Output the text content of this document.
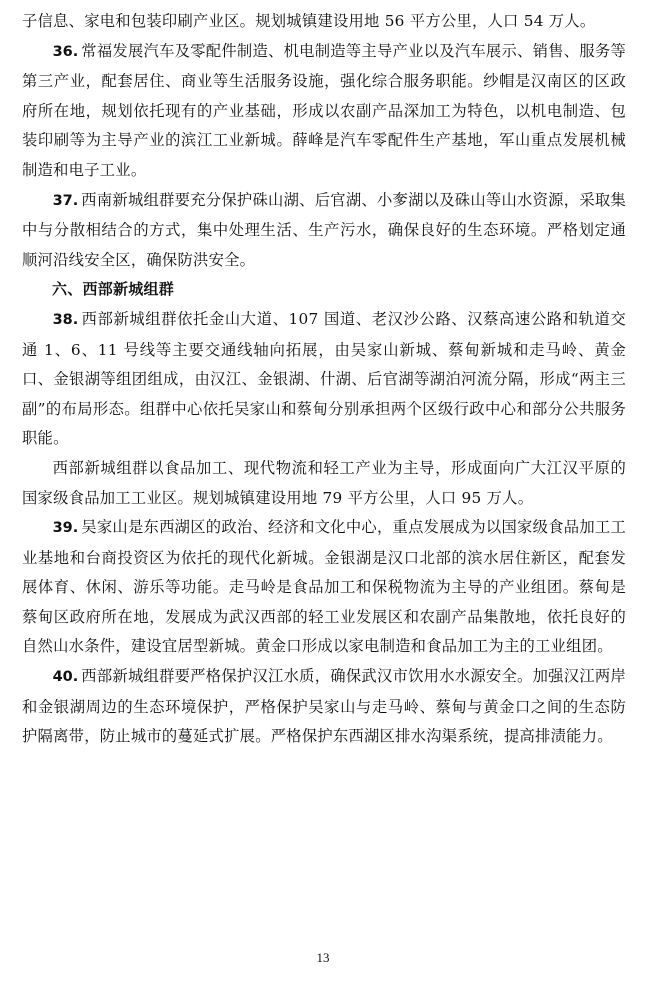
子信息、家电和包装印刷产业区。规划城镇建设用地 56 平方公里，人口 54 万人。

36. 常福发展汽车及零配件制造、机电制造等主导产业以及汽车展示、销售、服务等第三产业，配套居住、商业等生活服务设施，强化综合服务职能。纱帽是汉南区的区政府所在地，规划依托现有的产业基础，形成以农副产品深加工为特色，以机电制造、包装印刷等为主导产业的滨江工业新城。薛峰是汽车零配件生产基地，军山重点发展机械制造和电子工业。

37. 西南新城组群要充分保护硃山湖、后官湖、小奓湖以及硃山等山水资源，采取集中与分散相结合的方式，集中处理生活、生产污水，确保良好的生态环境。严格划定通顺河沿线安全区，确保防洪安全。

六、西部新城组群

38. 西部新城组群依托金山大道、107 国道、老汉沙公路、汉蔡高速公路和轨道交通 1、6、11 号线等主要交通线轴向拓展，由吴家山新城、蔡甸新城和走马岭、黄金口、金银湖等组团组成，由汉江、金银湖、什湖、后官湖等湖泊河流分隔，形成“两主三副”的布局形态。组群中心依托吴家山和蔡甸分别承担两个区级行政中心和部分公共服务职能。

西部新城组群以食品加工、现代物流和轻工产业为主导，形成面向广大江汉平原的国家级食品加工工业区。规划城镇建设用地 79 平方公里，人口 95 万人。

39. 吴家山是东西湖区的政治、经济和文化中心，重点发展成为以国家级食品加工工业基地和台商投资区为依托的现代化新城。金银湖是汉口北部的滨水居住新区，配套发展体育、休闲、游乐等功能。走马岭是食品加工和保税物流为主导的产业组团。蔡甸是蔡甸区政府所在地，发展成为武汉西部的轻工业发展区和农副产品集散地，依托良好的自然山水条件，建设宜居型新城。黄金口形成以家电制造和食品加工为主的工业组团。

40. 西部新城组群要严格保护汉江水质，确保武汉市饮用水水源安全。加强汉江两岸和金银湖周边的生态环境保护，严格保护吴家山与走马岭、蔡甸与黄金口之间的生态防护隔离带，防止城市的蔓延式扩展。严格保护东西湖区排水沟渠系统，提高排渍能力。

13
